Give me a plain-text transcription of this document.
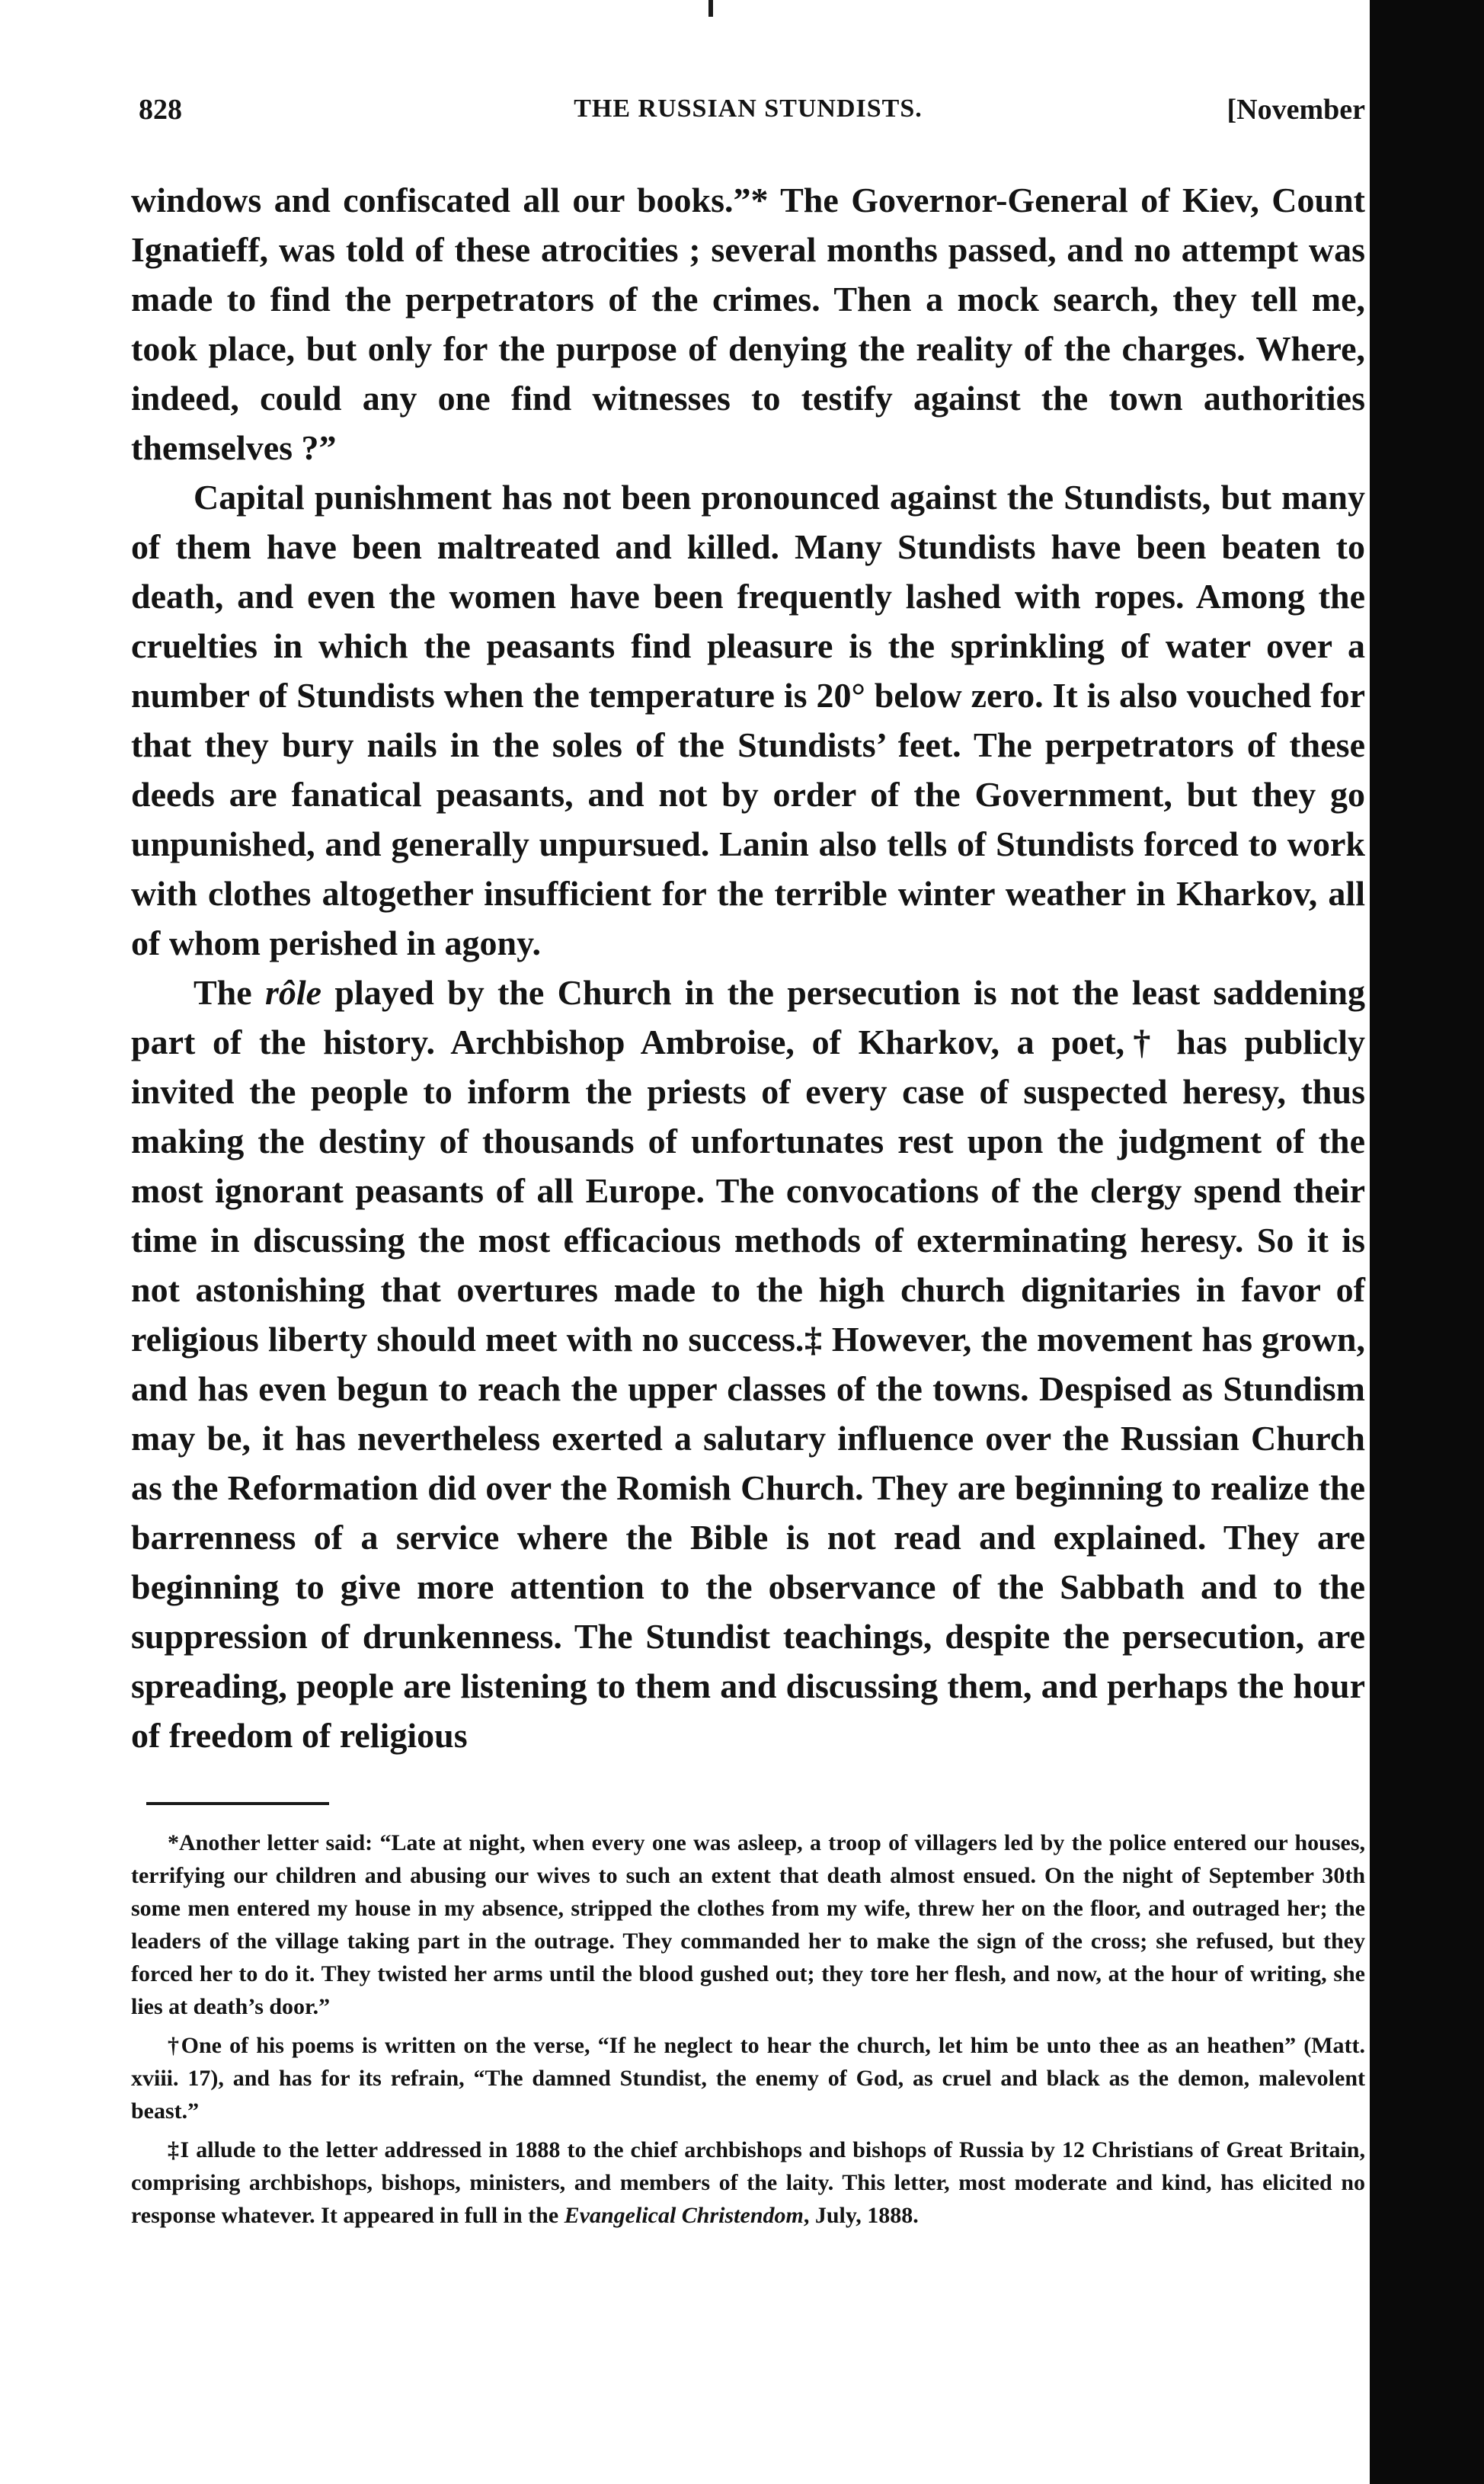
828	THE RUSSIAN STUNDISTS.	[November

windows and confiscated all our books.”* The Governor-General of Kiev, Count Ignatieff, was told of these atrocities ; several months passed, and no attempt was made to find the perpetrators of the crimes. Then a mock search, they tell me, took place, but only for the purpose of denying the reality of the charges. Where, indeed, could any one find witnesses to testify against the town authorities themselves ?”

Capital punishment has not been pronounced against the Stundists, but many of them have been maltreated and killed. Many Stundists have been beaten to death, and even the women have been frequently lashed with ropes. Among the cruelties in which the peasants find pleasure is the sprinkling of water over a number of Stundists when the temperature is 20° below zero. It is also vouched for that they bury nails in the soles of the Stundists’ feet. The perpetrators of these deeds are fanatical peasants, and not by order of the Government, but they go unpunished, and generally unpursued. Lanin also tells of Stundists forced to work with clothes altogether insufficient for the terrible winter weather in Kharkov, all of whom perished in agony.

The rôle played by the Church in the persecution is not the least saddening part of the history. Archbishop Ambroise, of Kharkov, a poet,† has publicly invited the people to inform the priests of every case of suspected heresy, thus making the destiny of thousands of unfortunates rest upon the judgment of the most ignorant peasants of all Europe. The convocations of the clergy spend their time in discussing the most efficacious methods of exterminating heresy. So it is not astonishing that overtures made to the high church dignitaries in favor of religious liberty should meet with no success.‡ However, the movement has grown, and has even begun to reach the upper classes of the towns. Despised as Stundism may be, it has nevertheless exerted a salutary influence over the Russian Church as the Reformation did over the Romish Church. They are beginning to realize the barrenness of a service where the Bible is not read and explained. They are beginning to give more attention to the observance of the Sabbath and to the suppression of drunkenness. The Stundist teachings, despite the persecution, are spreading, people are listening to them and discussing them, and perhaps the hour of freedom of religious

*Another letter said: “Late at night, when every one was asleep, a troop of villagers led by the police entered our houses, terrifying our children and abusing our wives to such an extent that death almost ensued. On the night of September 30th some men entered my house in my absence, stripped the clothes from my wife, threw her on the floor, and outraged her; the leaders of the village taking part in the outrage. They commanded her to make the sign of the cross; she refused, but they forced her to do it. They twisted her arms until the blood gushed out; they tore her flesh, and now, at the hour of writing, she lies at death’s door.”

†One of his poems is written on the verse, “If he neglect to hear the church, let him be unto thee as an heathen” (Matt. xviii. 17), and has for its refrain, “The damned Stundist, the enemy of God, as cruel and black as the demon, malevolent beast.”

‡I allude to the letter addressed in 1888 to the chief archbishops and bishops of Russia by 12 Christians of Great Britain, comprising archbishops, bishops, ministers, and members of the laity. This letter, most moderate and kind, has elicited no response whatever. It appeared in full in the Evangelical Christendom, July, 1888.
